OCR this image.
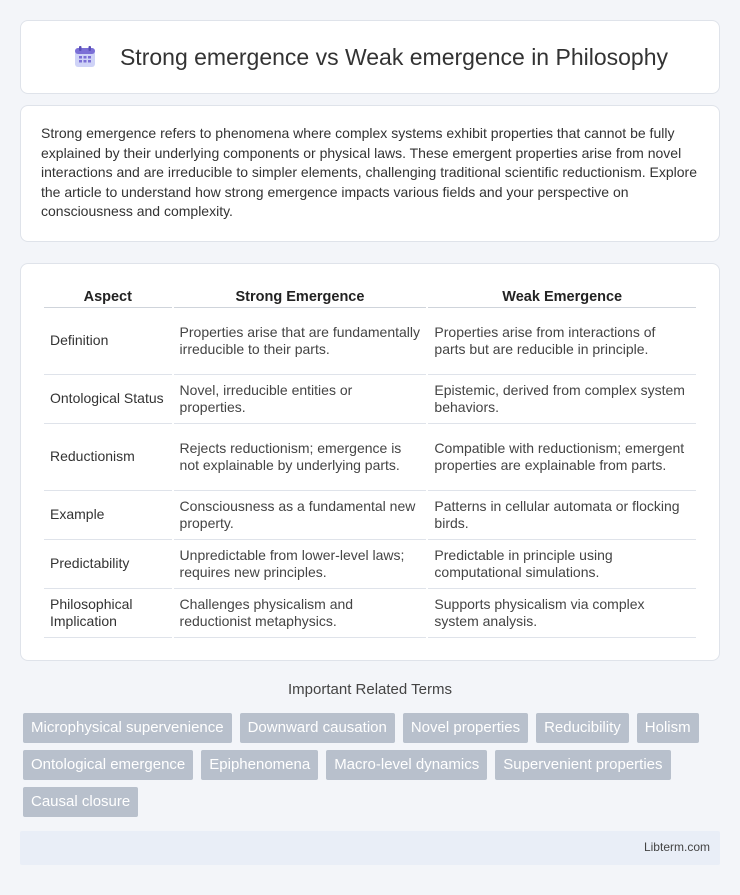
Strong emergence vs Weak emergence in Philosophy

Strong emergence refers to phenomena where complex systems exhibit properties that cannot be fully explained by their underlying components or physical laws. These emergent properties arise from novel interactions and are irreducible to simpler elements, challenging traditional scientific reductionism. Explore the article to understand how strong emergence impacts various fields and your perspective on consciousness and complexity.

Aspect	Strong Emergence	Weak Emergence
Definition	Properties arise that are fundamentally irreducible to their parts.	Properties arise from interactions of parts but are reducible in principle.
Ontological Status	Novel, irreducible entities or properties.	Epistemic, derived from complex system behaviors.
Reductionism	Rejects reductionism; emergence is not explainable by underlying parts.	Compatible with reductionism; emergent properties are explainable from parts.
Example	Consciousness as a fundamental new property.	Patterns in cellular automata or flocking birds.
Predictability	Unpredictable from lower-level laws; requires new principles.	Predictable in principle using computational simulations.
Philosophical Implication	Challenges physicalism and reductionist metaphysics.	Supports physicalism via complex system analysis.
Important Related Terms
Microphysical supervenience	Downward causation	Novel properties	Reducibility	Holism
Ontological emergence	Epiphenomena	Macro-level dynamics	Supervenient properties
Causal closure
Libterm.com
